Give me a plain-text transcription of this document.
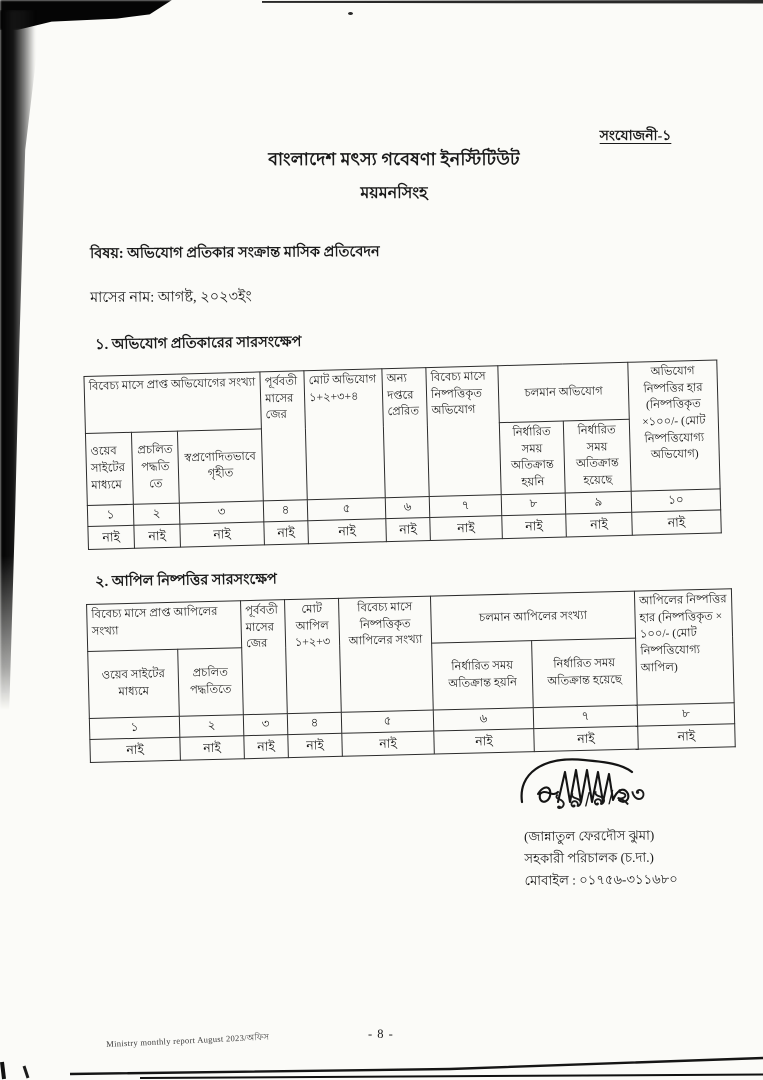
সংযোজনী-১
বাংলাদেশ মৎস্য গবেষণা ইনস্টিটিউট
ময়মনসিংহ
বিষয়: অভিযোগ প্রতিকার সংক্রান্ত মাসিক প্রতিবেদন
মাসের নাম: আগষ্ট, ২০২৩ইং
১. অভিযোগ প্রতিকারের সারসংক্ষেপ
বিবেচ্য মাসে প্রাপ্ত অভিযোগের সংখ্যা			পূর্ববতী মাসের জের	মোট অভিযোগ ১+২+৩+৪	অন্য দপ্তরে প্রেরিত	বিবেচ্য মাসে নিষ্পত্তিকৃত অভিযোগ	চলমান অভিযোগ		অভিযোগ নিষ্পত্তির হার (নিষ্পত্তিকৃত ×১০০/- (মোট নিষ্পত্তিযোগ্য অভিযোগ)
ওয়েব সাইটের মাধ্যমে	প্রচলিত পদ্ধতিতে	স্বপ্রণোদিতভাবে গৃহীত					নির্ধারিত সময় অতিক্রান্ত হয়নি	নির্ধারিত সময় অতিক্রান্ত হয়েছে	
১	২	৩	৪	৫	৬	৭	৮	৯	১০
নাই	নাই	নাই	নাই	নাই	নাই	নাই	নাই	নাই	নাই
২. আপিল নিষ্পত্তির সারসংক্ষেপ
বিবেচ্য মাসে প্রাপ্ত আপিলের সংখ্যা		পূর্ববতী মাসের জের	মোট আপিল ১+২+৩	বিবেচ্য মাসে নিষ্পত্তিকৃত আপিলের সংখ্যা	চলমান আপিলের সংখ্যা		আপিলের নিষ্পত্তির হার (নিষ্পত্তিকৃত × ১০০/- (মোট নিষ্পত্তিযোগ্য আপিল)
ওয়েব সাইটের মাধ্যমে	প্রচলিত পদ্ধতিতে				নির্ধারিত সময় অতিক্রান্ত হয়নি	নির্ধারিত সময় অতিক্রান্ত হয়েছে	
১	২	৩	৪	৫	৬	৭	৮
নাই	নাই	নাই	নাই	নাই	নাই	নাই	নাই
১৯/৯/২৩
(জান্নাতুল ফেরদৌস ঝুমা)
সহকারী পরিচালক (চ.দা.)
মোবাইল : ০১৭৫৬-৩১১৬৮০
Ministry monthly report August 2023/অফিস	- 8 -
